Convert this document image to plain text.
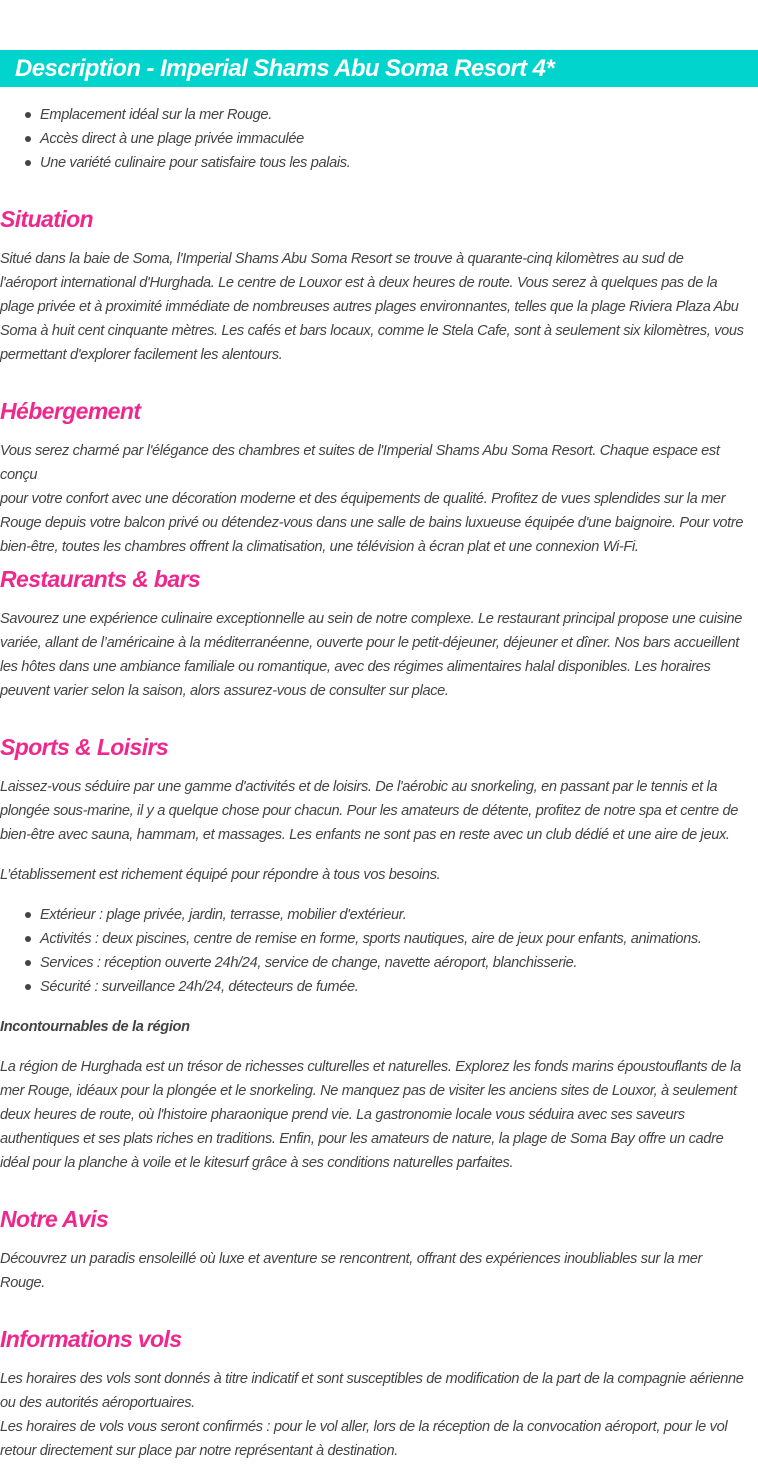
Description - Imperial Shams Abu Soma Resort 4*
Emplacement idéal sur la mer Rouge.
Accès direct à une plage privée immaculée
Une variété culinaire pour satisfaire tous les palais.
Situation

Situé dans la baie de Soma, l'Imperial Shams Abu Soma Resort se trouve à quarante-cinq kilomètres au sud de
l'aéroport international d'Hurghada. Le centre de Louxor est à deux heures de route. Vous serez à quelques pas de la
plage privée et à proximité immédiate de nombreuses autres plages environnantes, telles que la plage Riviera Plaza Abu
Soma à huit cent cinquante mètres. Les cafés et bars locaux, comme le Stela Cafe, sont à seulement six kilomètres, vous
permettant d'explorer facilement les alentours.

Hébergement

Vous serez charmé par l'élégance des chambres et suites de l'Imperial Shams Abu Soma Resort. Chaque espace est conçu
pour votre confort avec une décoration moderne et des équipements de qualité. Profitez de vues splendides sur la mer
Rouge depuis votre balcon privé ou détendez-vous dans une salle de bains luxueuse équipée d'une baignoire. Pour votre
bien-être, toutes les chambres offrent la climatisation, une télévision à écran plat et une connexion Wi-Fi.

Restaurants & bars

Savourez une expérience culinaire exceptionnelle au sein de notre complexe. Le restaurant principal propose une cuisine
variée, allant de l’américaine à la méditerranéenne, ouverte pour le petit-déjeuner, déjeuner et dîner. Nos bars accueillent
les hôtes dans une ambiance familiale ou romantique, avec des régimes alimentaires halal disponibles. Les horaires
peuvent varier selon la saison, alors assurez-vous de consulter sur place.

Sports & Loisirs

Laissez-vous séduire par une gamme d'activités et de loisirs. De l'aérobic au snorkeling, en passant par le tennis et la
plongée sous-marine, il y a quelque chose pour chacun. Pour les amateurs de détente, profitez de notre spa et centre de
bien-être avec sauna, hammam, et massages. Les enfants ne sont pas en reste avec un club dédié et une aire de jeux.

L’établissement est richement équipé pour répondre à tous vos besoins.

Extérieur : plage privée, jardin, terrasse, mobilier d'extérieur.
Activités : deux piscines, centre de remise en forme, sports nautiques, aire de jeux pour enfants, animations.
Services : réception ouverte 24h/24, service de change, navette aéroport, blanchisserie.
Sécurité : surveillance 24h/24, détecteurs de fumée.

Incontournables de la région

La région de Hurghada est un trésor de richesses culturelles et naturelles. Explorez les fonds marins époustouflants de la
mer Rouge, idéaux pour la plongée et le snorkeling. Ne manquez pas de visiter les anciens sites de Louxor, à seulement
deux heures de route, où l'histoire pharaonique prend vie. La gastronomie locale vous séduira avec ses saveurs
authentiques et ses plats riches en traditions. Enfin, pour les amateurs de nature, la plage de Soma Bay offre un cadre
idéal pour la planche à voile et le kitesurf grâce à ses conditions naturelles parfaites.

Notre Avis

Découvrez un paradis ensoleillé où luxe et aventure se rencontrent, offrant des expériences inoubliables sur la mer
Rouge.

Informations vols

Les horaires des vols sont donnés à titre indicatif et sont susceptibles de modification de la part de la compagnie aérienne
ou des autorités aéroportuaires.
Les horaires de vols vous seront confirmés : pour le vol aller, lors de la réception de la convocation aéroport, pour le vol
retour directement sur place par notre représentant à destination.
